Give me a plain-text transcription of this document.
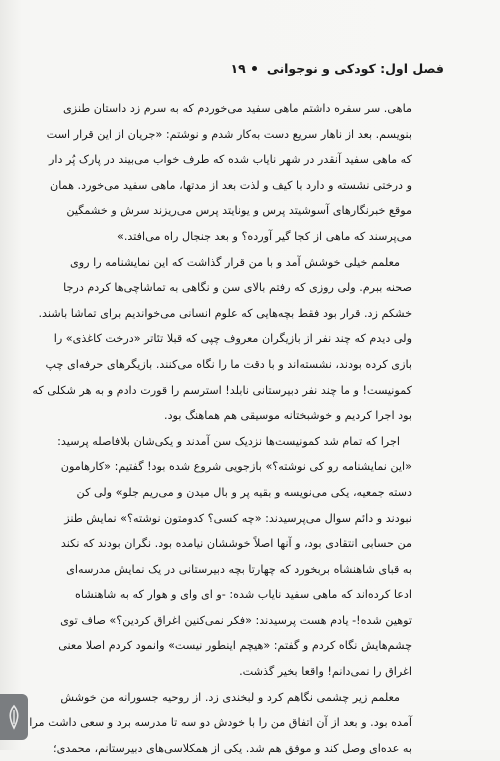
فصل اول: کودکی و نوجوانی
۱۹
ماهی. سر سفره داشتم ماهی سفید می‌خوردم که به سرم زد داستان طنزی
بنویسم. بعد از ناهار سریع دست به‌کار شدم و نوشتم: «جریان از این قرار است
که ماهی سفید آنقدر در شهر نایاب شده که طرف خواب می‌بیند در پارک پُر دار
و درختی نشسته و دارد با کیف و لذت بعد از مدتها، ماهی سفید می‌خورد. همان
موقع خبرنگارهای آسوشیتد پرس و یونایتد پرس می‌ریزند سرش و خشمگین
می‌پرسند که ماهی از کجا گیر آورده؟ و بعد جنجال راه می‌افتد.»
معلمم خیلی خوشش آمد و با من قرار گذاشت که این نمایشنامه را روی
صحنه ببرم. ولی روزی که رفتم بالای سن و نگاهی به تماشاچی‌ها کردم درجا
خشکم زد. قرار بود فقط بچه‌هایی که علوم انسانی می‌خواندیم برای تماشا باشند.
ولی دیدم که چند نفر از بازیگران معروف چپی که قبلا تئاتر «درخت کاغذی» را
بازی کرده بودند، نشسته‌اند و با دقت ما را نگاه می‌کنند. بازیگرهای حرفه‌ای چپ
کمونیست! و ما چند نفر دبیرستانی نابلد! استرسم را قورت دادم و به هر شکلی که
بود اجرا کردیم و خوشبختانه موسیقی هم هماهنگ بود.
اجرا که تمام شد کمونیست‌ها نزدیک سن آمدند و یکی‌شان بلافاصله پرسید:
«این نمایشنامه رو کی نوشته؟» بازجویی شروع شده بود! گفتیم: «کارهامون
دسته جمعیه، یکی می‌نویسه و بقیه پر و بال میدن و می‌ریم جلو» ولی کن
نبودند و دائم سوال می‌پرسیدند: «چه کسی؟ کدومتون نوشته؟» نمایش طنز
من حسابی انتقادی بود، و آنها اصلاً خوششان نیامده بود. نگران بودند که نکند
به قبای شاهنشاه بربخورد که چهارتا بچه دبیرستانی در یک نمایش مدرسه‌ای
ادعا کرده‌اند که ماهی سفید نایاب شده: -و ای وای و هوار که به شاهنشاه
توهین شده!- یادم هست پرسیدند: «فکر نمی‌کنین اغراق کردین؟» صاف توی
چشم‌هایش نگاه کردم و گفتم: «هیچم اینطور نیست» وانمود کردم اصلا معنی
اغراق را نمی‌دانم! واقعا بخیر گذشت.
معلمم زیر چشمی نگاهم کرد و لبخندی زد. از روحیه جسورانه من خوشش
آمده بود. و بعد از آن اتفاق من را با خودش دو سه تا مدرسه برد و سعی داشت مرا
به عده‌ای وصل کند و موفق هم شد. یکی از همکلاسی‌های دبیرستانم، محمدی؛
